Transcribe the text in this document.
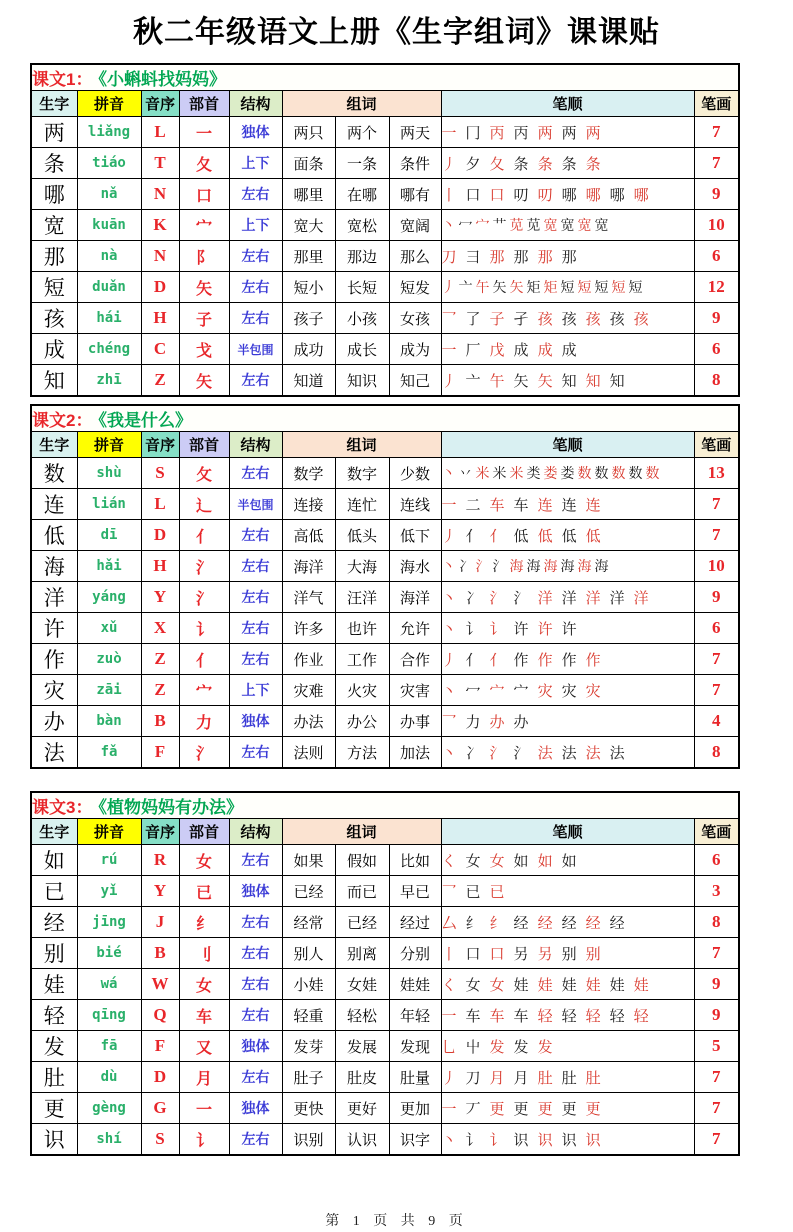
秋二年级语文上册《生字组词》课课贴
课文1： 《小蝌蚪找妈妈》									
生字	拼音	音序	部首	结构	组词			笔顺	笔画
两	liǎng	L	一	独体	两只	两个	两天	一 冂 丙 丙 两 两 两	7
条	tiáo	T	夂	上下	面条	一条	条件	丿 夕 夂 条 条 条 条	7
哪	nǎ	N	口	左右	哪里	在哪	哪有	丨 口 口 叨 叨 哪 哪 哪 哪	9
宽	kuān	K	宀	上下	宽大	宽松	宽阔	丶 冖 宀 艹 苋 苋 宽 宽 宽 宽	10
那	nà	N	阝	左右	那里	那边	那么	刀 彐 那 那 那 那	6
短	duǎn	D	矢	左右	短小	长短	短发	丿 亠 午 矢 矢 矩 矩 短 短 短 短 短	12
孩	hái	H	子	左右	孩子	小孩	女孩	乛 了 子 孑 孩 孩 孩 孩 孩	9
成	chéng	C	戈	半包围	成功	成长	成为	一 厂 戊 成 成 成	6
知	zhī	Z	矢	左右	知道	知识	知己	丿 亠 午 矢 矢 知 知 知	8
课文2： 《我是什么》									
生字	拼音	音序	部首	结构	组词			笔顺	笔画
数	shù	S	攵	左右	数学	数字	少数	丶 丷 米 米 米 类 娄 娄 数 数 数 数 数	13
连	lián	L	辶	半包围	连接	连忙	连线	一 二 车 车 连 连 连	7
低	dī	D	亻	左右	高低	低头	低下	丿 亻 亻 低 低 低 低	7
海	hǎi	H	氵	左右	海洋	大海	海水	丶 冫 氵 氵 海 海 海 海 海 海	10
洋	yáng	Y	氵	左右	洋气	汪洋	海洋	丶 冫 氵 氵 洋 洋 洋 洋 洋	9
许	xǔ	X	讠	左右	许多	也许	允许	丶 讠 讠 许 许 许	6
作	zuò	Z	亻	左右	作业	工作	合作	丿 亻 亻 作 作 作 作	7
灾	zāi	Z	宀	上下	灾难	火灾	灾害	丶 冖 宀 宀 灾 灾 灾	7
办	bàn	B	力	独体	办法	办公	办事	乛 力 办 办	4
法	fǎ	F	氵	左右	法则	方法	加法	丶 冫 氵 氵 法 法 法 法	8
课文3： 《植物妈妈有办法》									
生字	拼音	音序	部首	结构	组词			笔顺	笔画
如	rú	R	女	左右	如果	假如	比如	く 女 女 如 如 如	6
已	yǐ	Y	已	独体	已经	而已	早已	乛 已 已	3
经	jīng	J	纟	左右	经常	已经	经过	厶 纟 纟 经 经 经 经 经	8
别	bié	B	刂	左右	别人	别离	分别	丨 口 口 另 另 别 别	7
娃	wá	W	女	左右	小娃	女娃	娃娃	く 女 女 娃 娃 娃 娃 娃 娃	9
轻	qīng	Q	车	左右	轻重	轻松	年轻	一 车 车 车 轻 轻 轻 轻 轻	9
发	fā	F	又	独体	发芽	发展	发现	乚 屮 发 发 发	5
肚	dù	D	月	左右	肚子	肚皮	肚量	丿 刀 月 月 肚 肚 肚	7
更	gèng	G	一	独体	更快	更好	更加	一 丆 更 更 更 更 更	7
识	shí	S	讠	左右	识别	认识	识字	丶 讠 讠 识 识 识 识	7
第 1 页 共 9 页
